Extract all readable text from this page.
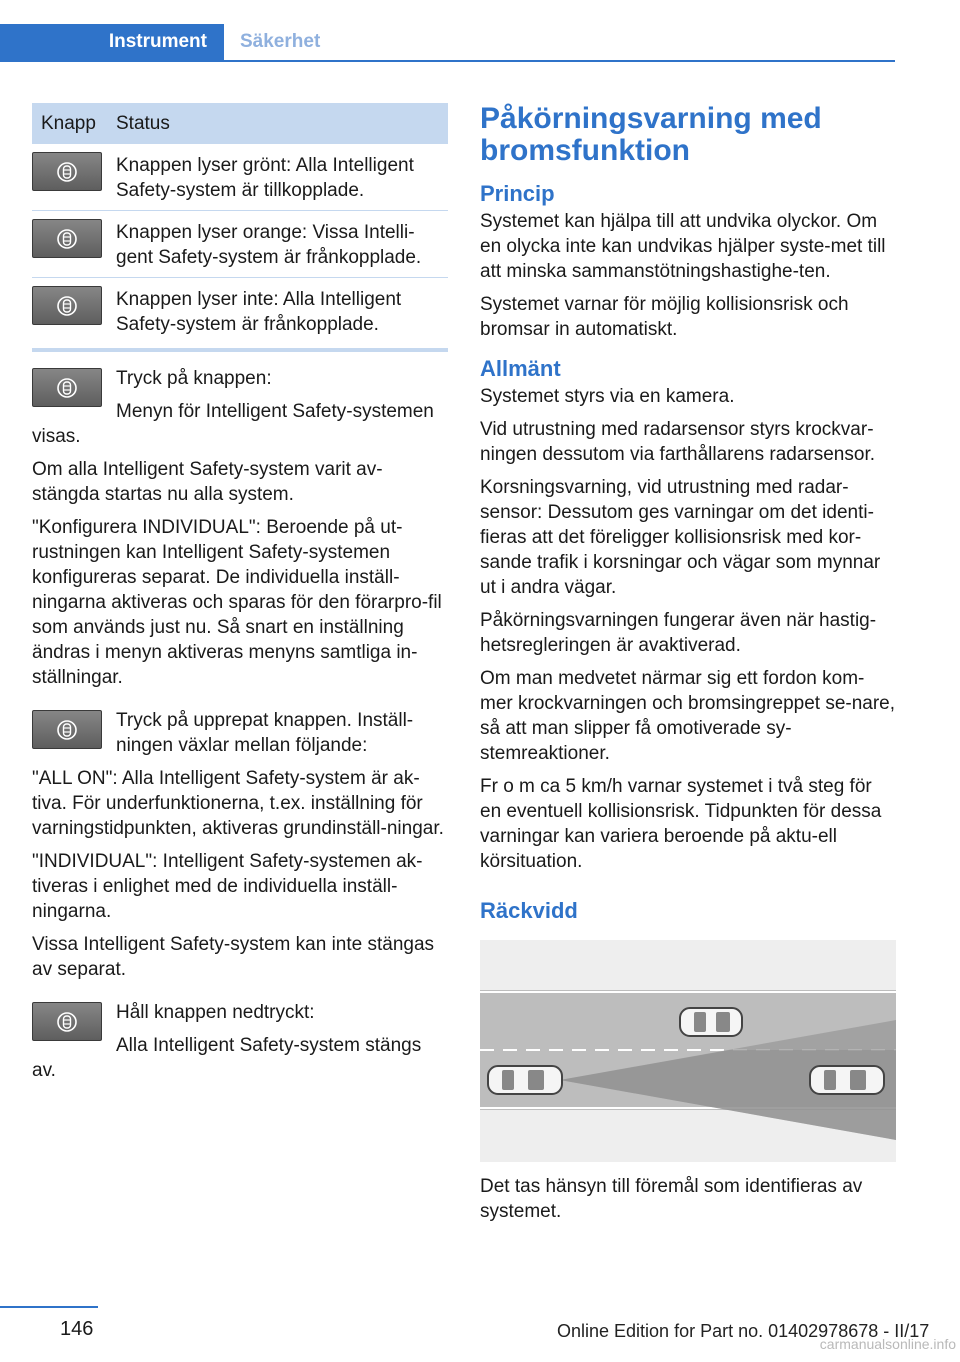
Instrument	Säkerhet
Knapp Status
Knappen lyser grönt: Alla Intelligent Safety-system är tillkopplade.
Knappen lyser orange: Vissa Intelli‐gent Safety-system är frånkopplade.
Knappen lyser inte: Alla Intelligent Safety-system är frånkopplade.

Tryck på knappen:

Menyn för Intelligent Safety-systemen visas.

Om alla Intelligent Safety-system varit av‐stängda startas nu alla system.

"Konfigurera INDIVIDUAL": Beroende på ut‐rustningen kan Intelligent Safety-systemen konfigureras separat. De individuella inställ‐ningarna aktiveras och sparas för den förarpro‐fil som används just nu. Så snart en inställning ändras i menyn aktiveras menyns samtliga in‐ställningar.

Tryck på upprepat knappen. Inställ‐ningen växlar mellan följande:

"ALL ON": Alla Intelligent Safety-system är ak‐tiva. För underfunktionerna, t.ex. inställning för varningstidpunkten, aktiveras grundinställ‐ningar.

"INDIVIDUAL": Intelligent Safety-systemen ak‐tiveras i enlighet med de individuella inställ‐ningarna.

Vissa Intelligent Safety-system kan inte stängas av separat.

Håll knappen nedtryckt:

Alla Intelligent Safety-system stängs av.

Påkörningsvarning med bromsfunktion
Princip

Systemet kan hjälpa till att undvika olyckor. Om en olycka inte kan undvikas hjälper syste‐met till att minska sammanstötningshastighe‐ten.

Systemet varnar för möjlig kollisionsrisk och bromsar in automatiskt.

Allmänt

Systemet styrs via en kamera.

Vid utrustning med radarsensor styrs krockvar‐ningen dessutom via farthållarens radarsensor.

Korsningsvarning, vid utrustning med radar‐sensor: Dessutom ges varningar om det identi‐fieras att det föreligger kollisionsrisk med kor‐sande trafik i korsningar och vägar som mynnar ut i andra vägar.

Påkörningsvarningen fungerar även när hastig‐hetsregleringen är avaktiverad.

Om man medvetet närmar sig ett fordon kom‐mer krockvarningen och bromsingreppet se‐nare, så att man slipper få omotiverade sy‐stemreaktioner.

Fr o m ca 5 km/h varnar systemet i två steg för en eventuell kollisionsrisk. Tidpunkten för dessa varningar kan variera beroende på aktu‐ell körsituation.

Räckvidd

Det tas hänsyn till föremål som identifieras av systemet.

146	Online Edition for Part no. 01402978678 - II/17
carmanualsonline.info
